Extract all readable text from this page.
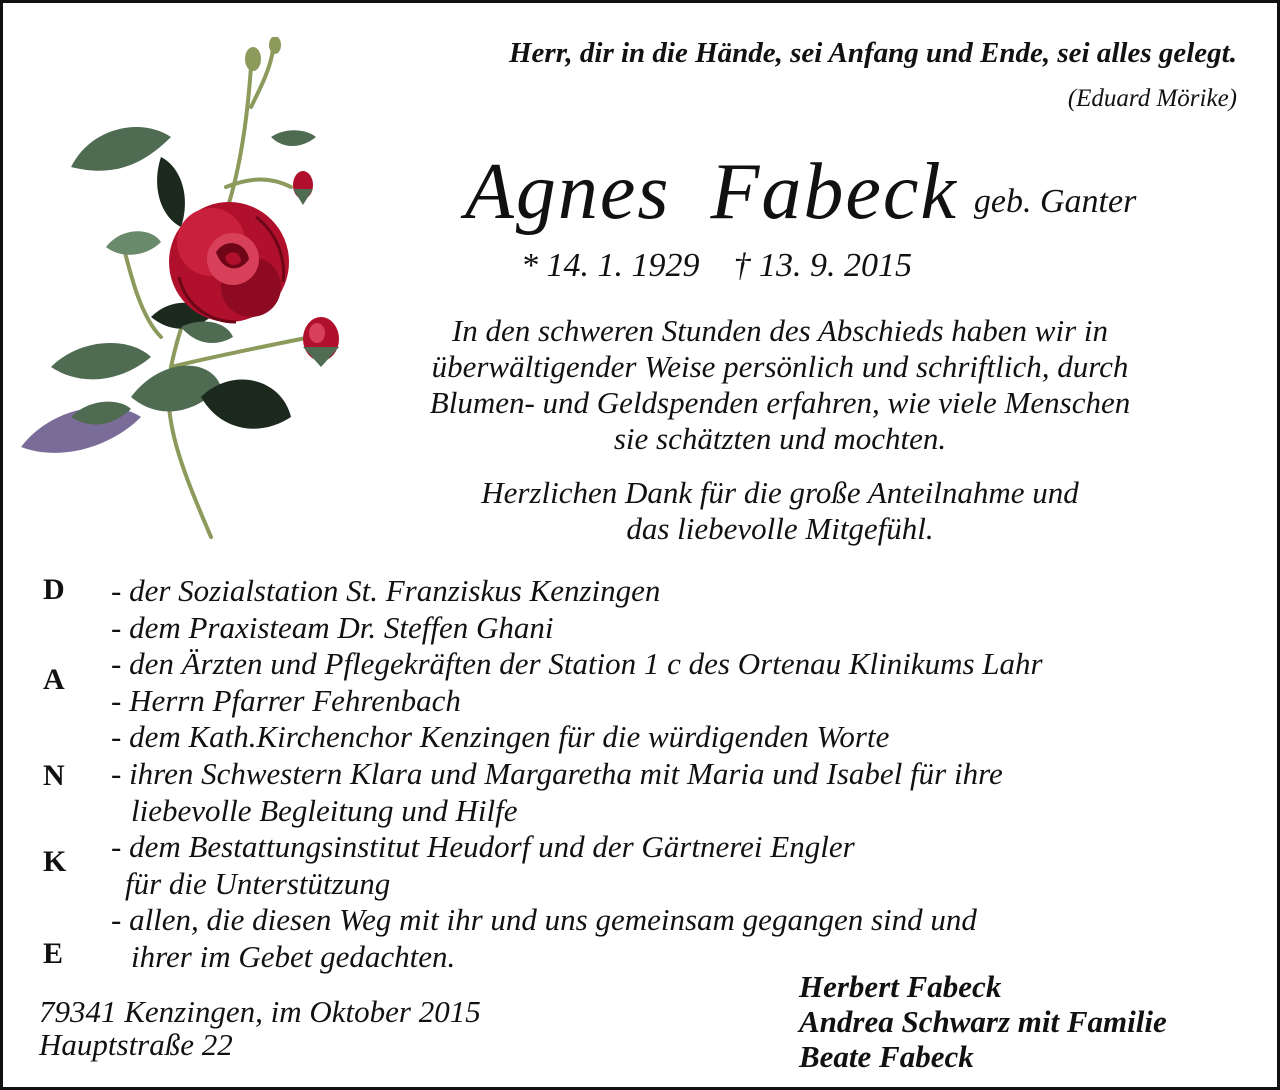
Herr, dir in die Hände, sei Anfang und Ende, sei alles gelegt.
(Eduard Mörike)
Agnes Fabeck geb. Ganter
* 14. 1. 1929 † 13. 9. 2015
In den schweren Stunden des Abschieds haben wir in
überwältigender Weise persönlich und schriftlich, durch
Blumen- und Geldspenden erfahren, wie viele Menschen
sie schätzten und mochten.
Herzlichen Dank für die große Anteilnahme und
das liebevolle Mitgefühl.
D
A
N
K
E
- der Sozialstation St. Franziskus Kenzingen
- dem Praxisteam Dr. Steffen Ghani
- den Ärzten und Pflegekräften der Station 1 c des Ortenau Klinikums Lahr
- Herrn Pfarrer Fehrenbach
- dem Kath.Kirchenchor Kenzingen für die würdigenden Worte
- ihren Schwestern Klara und Margaretha mit Maria und Isabel für ihre
liebevolle Begleitung und Hilfe
- dem Bestattungsinstitut Heudorf und der Gärtnerei Engler
für die Unterstützung
- allen, die diesen Weg mit ihr und uns gemeinsam gegangen sind und
ihrer im Gebet gedachten.
79341 Kenzingen, im Oktober 2015
Hauptstraße 22
Herbert Fabeck
Andrea Schwarz mit Familie
Beate Fabeck
